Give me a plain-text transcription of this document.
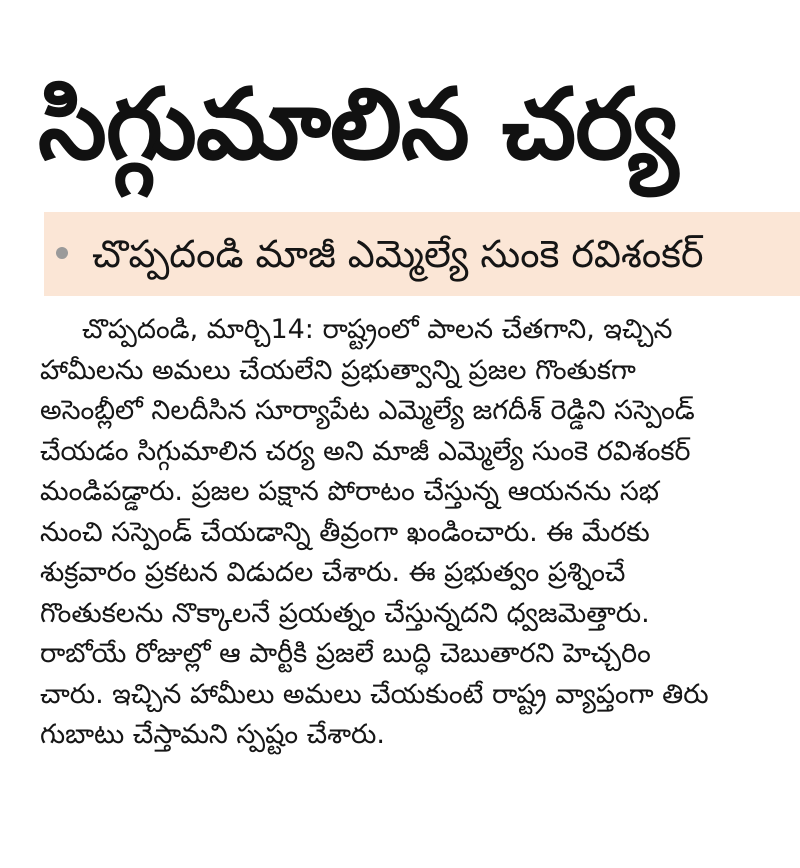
సిగ్గుమాలిన చర్య
చొప్పదండి మాజీ ఎమ్మెల్యే సుంకె రవిశంకర్
చొప్పదండి, మార్చి14: రాష్ట్రంలో పాలన చేతగాని, ఇచ్చిన
హామీలను అమలు చేయలేని ప్రభుత్వాన్ని ప్రజల గొంతుకగా
అసెంబ్లీలో నిలదీసిన సూర్యాపేట ఎమ్మెల్యే జగదీశ్ రెడ్డిని సస్పెండ్
చేయడం సిగ్గుమాలిన చర్య అని మాజీ ఎమ్మెల్యే సుంకె రవిశంకర్
మండిపడ్డారు. ప్రజల పక్షాన పోరాటం చేస్తున్న ఆయనను సభ
నుంచి సస్పెండ్ చేయడాన్ని తీవ్రంగా ఖండించారు. ఈ మేరకు
శుక్రవారం ప్రకటన విడుదల చేశారు. ఈ ప్రభుత్వం ప్రశ్నించే
గొంతుకలను నొక్కాలనే ప్రయత్నం చేస్తున్నదని ధ్వజమెత్తారు.
రాబోయే రోజుల్లో ఆ పార్టీకి ప్రజలే బుద్ధి చెబుతారని హెచ్చరిం
చారు. ఇచ్చిన హామీలు అమలు చేయకుంటే రాష్ట్ర వ్యాప్తంగా తిరు
గుబాటు చేస్తామని స్పష్టం చేశారు.
